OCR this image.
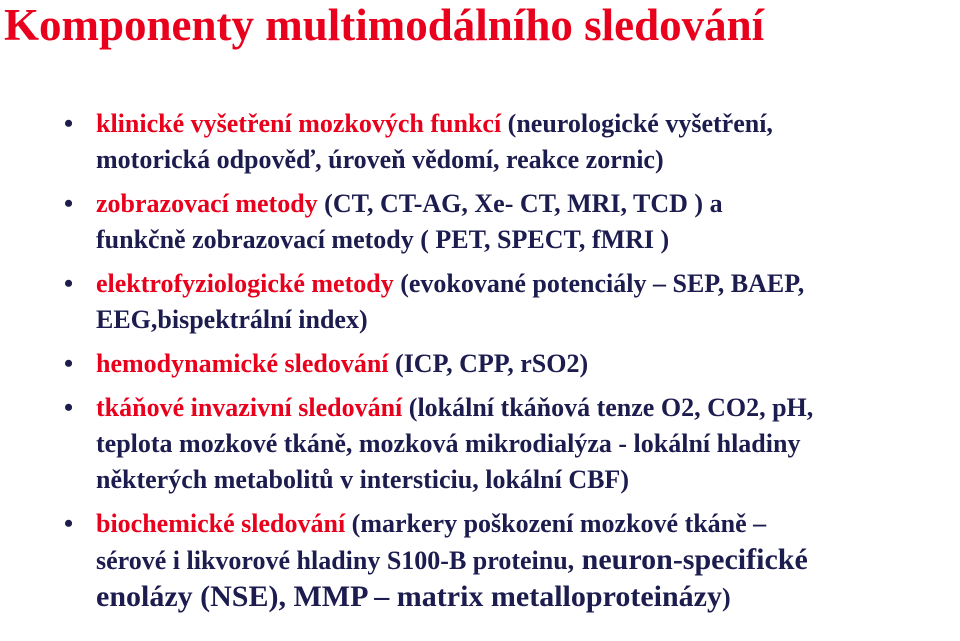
Komponenty multimodálního sledování
• klinické vyšetření mozkových funkcí (neurologické vyšetření,
motorická odpověď, úroveň vědomí, reakce zornic)
• zobrazovací metody (CT, CT-AG, Xe- CT, MRI, TCD ) a
funkčně zobrazovací metody ( PET, SPECT, fMRI )
• elektrofyziologické metody (evokované potenciály – SEP, BAEP,
EEG,bispektrální index)
• hemodynamické sledování (ICP, CPP, rSO2)
• tkáňové invazivní sledování (lokální tkáňová tenze O2, CO2, pH,
teplota mozkové tkáně, mozková mikrodialýza - lokální hladiny
některých metabolitů v intersticiu, lokální CBF)
• biochemické sledování (markery poškození mozkové tkáně –
sérové i likvorové hladiny S100-B proteinu, neuron-specifické
enolázy (NSE), MMP – matrix metalloproteinázy)
